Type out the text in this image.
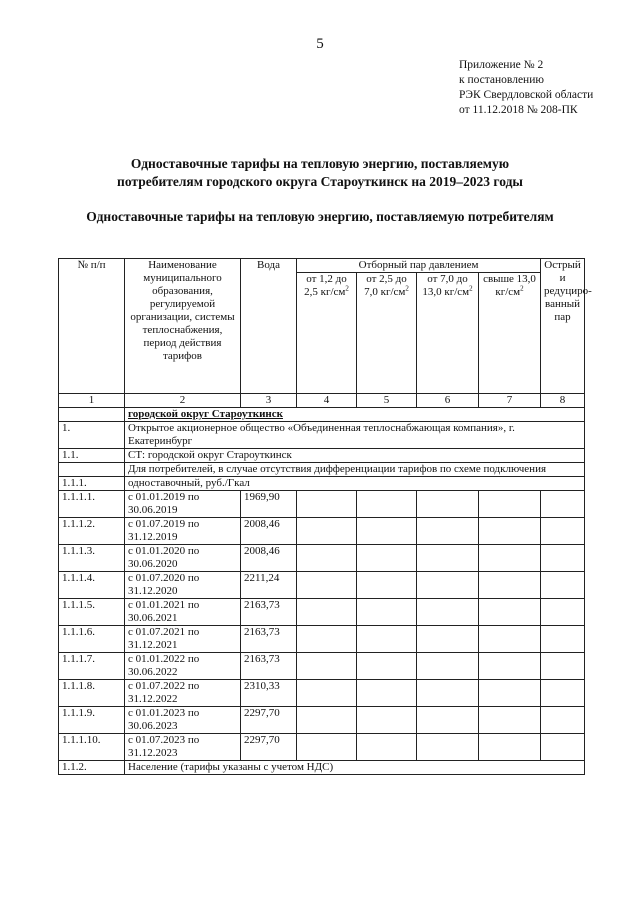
5
Приложение № 2
к постановлению
РЭК Свердловской области
от 11.12.2018 № 208-ПК
Одноставочные тарифы на тепловую энергию, поставляемую
потребителям городского округа Староуткинск на 2019–2023 годы
Одноставочные тарифы на тепловую энергию, поставляемую потребителям
№ п/п	Наименование муниципального образования, регулируемой организации, системы теплоснабжения, период действия тарифов	Вода	Отборный пар давлением				Острый и редуциро-ванный пар
			от 1,2 до 2,5 $кг/см^2$	от 2,5 до 7,0 $кг/см^2$	от 7,0 до 13,0 $кг/см^2$	свыше 13,0 $кг/см^2$
1	2	3	4	5	6	7	8
	городской округ Староуткинск						
1.	Открытое акционерное общество «Объединенная теплоснабжающая компания», г. Екатеринбург						
1.1.	СТ: городской округ Староуткинск						
	Для потребителей, в случае отсутствия дифференциации тарифов по схеме подключения						
1.1.1.	одноставочный, руб./Гкал						
1.1.1.1.	с 01.01.2019 по 30.06.2019	1969,90					
1.1.1.2.	с 01.07.2019 по 31.12.2019	2008,46					
1.1.1.3.	с 01.01.2020 по 30.06.2020	2008,46					
1.1.1.4.	с 01.07.2020 по 31.12.2020	2211,24					
1.1.1.5.	с 01.01.2021 по 30.06.2021	2163,73					
1.1.1.6.	с 01.07.2021 по 31.12.2021	2163,73					
1.1.1.7.	с 01.01.2022 по 30.06.2022	2163,73					
1.1.1.8.	с 01.07.2022 по 31.12.2022	2310,33					
1.1.1.9.	с 01.01.2023 по 30.06.2023	2297,70					
1.1.1.10.	с 01.07.2023 по 31.12.2023	2297,70					
1.1.2.	Население (тарифы указаны с учетом НДС)						
